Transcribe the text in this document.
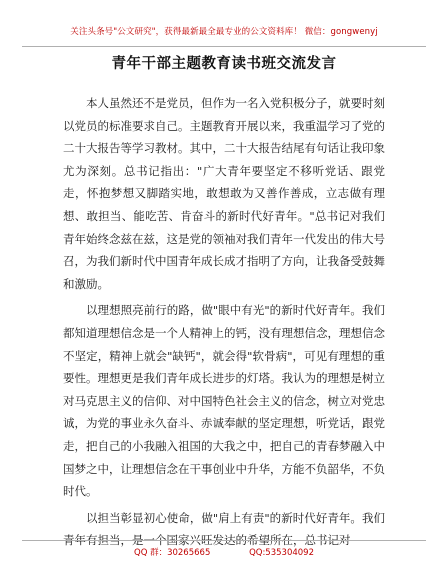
关注头条号"公文研究"，获得最新最全最专业的公文资料库！ 微信：gongwenyj
青年干部主题教育读书班交流发言

本人虽然还不是党员，但作为一名入党积极分子，就要时刻以党员的标准要求自己。主题教育开展以来，我重温学习了党的二十大报告等学习教材。其中，二十大报告结尾有句话让我印象尤为深刻。总书记指出："广大青年要坚定不移听党话、跟党走，怀抱梦想又脚踏实地，敢想敢为又善作善成，立志做有理想、敢担当、能吃苦、肯奋斗的新时代好青年。"总书记对我们青年始终念兹在兹，这是党的领袖对我们青年一代发出的伟大号召，为我们新时代中国青年成长成才指明了方向，让我备受鼓舞和激励。

以理想照亮前行的路，做"眼中有光"的新时代好青年。我们都知道理想信念是一个人精神上的钙，没有理想信念，理想信念不坚定，精神上就会"缺钙"，就会得"软骨病"，可见有理想的重要性。理想更是我们青年成长进步的灯塔。我认为的理想是树立对马克思主义的信仰、对中国特色社会主义的信念，树立对党忠诚，为党的事业永久奋斗、赤诚奉献的坚定理想，听党话，跟党走，把自己的小我融入祖国的大我之中，把自己的青春梦融入中国梦之中，让理想信念在干事创业中升华，方能不负韶华，不负时代。

以担当彰显初心使命，做"肩上有责"的新时代好青年。我们青年有担当，是一个国家兴旺发达的希望所在，总书记对

QQ 群：30265665	QQ:535304092
